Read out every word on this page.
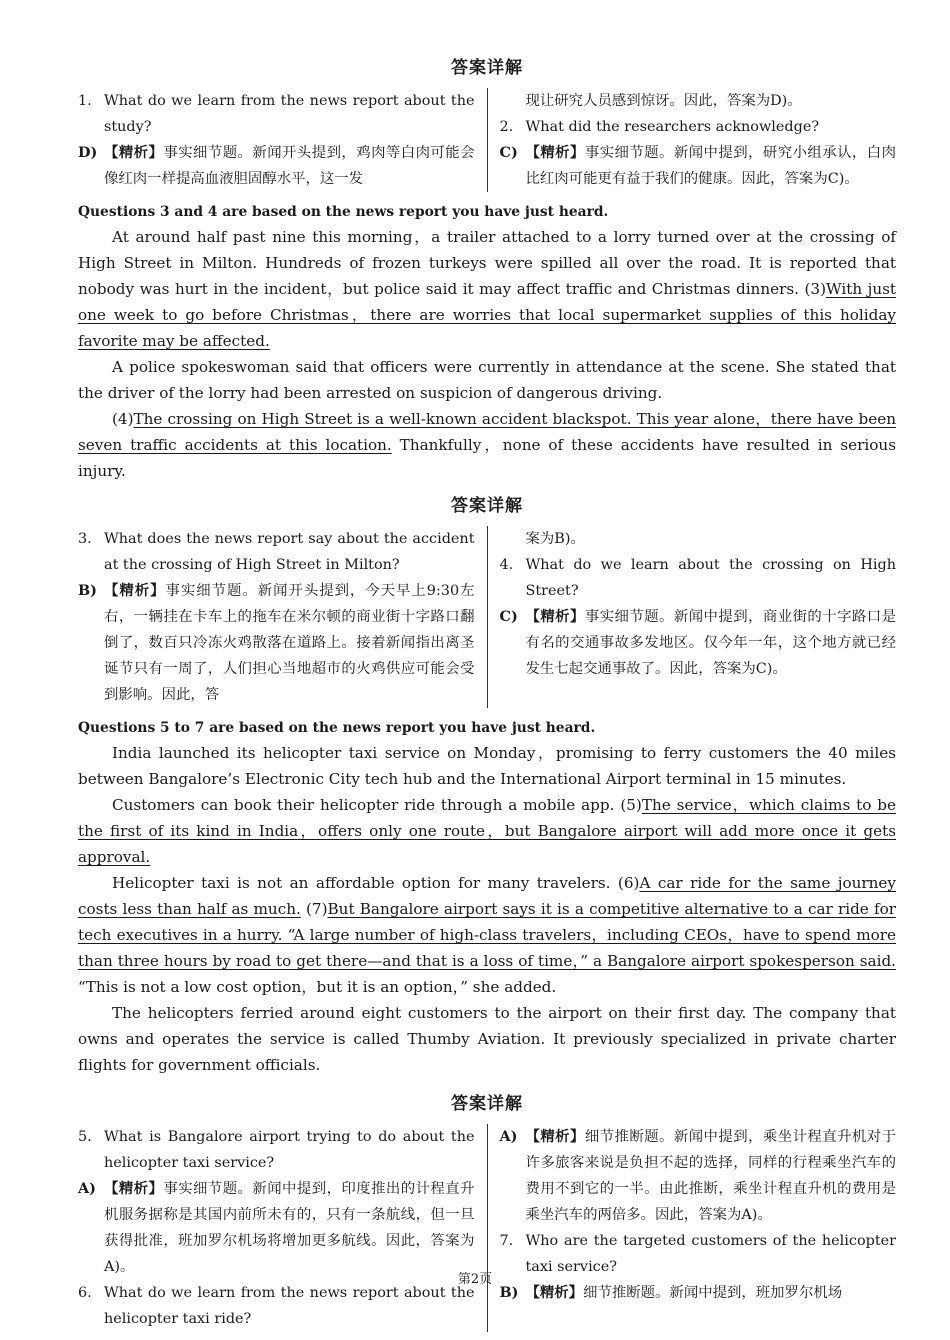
答案详解
1. What do we learn from the news report about the study?
D) 【精析】事实细节题。新闻开头提到，鸡肉等白肉可能会像红肉一样提高血液胆固醇水平，这一发
现让研究人员感到惊讶。因此，答案为D)。
2. What did the researchers acknowledge?
C) 【精析】事实细节题。新闻中提到，研究小组承认，白肉比红肉可能更有益于我们的健康。因此，答案为C)。
Questions 3 and 4 are based on the news report you have just heard.

At around half past nine this morning，a trailer attached to a lorry turned over at the crossing of High Street in Milton. Hundreds of frozen turkeys were spilled all over the road. It is reported that nobody was hurt in the incident，but police said it may affect traffic and Christmas dinners. (3)With just one week to go before Christmas，there are worries that local supermarket supplies of this holiday favorite may be affected.

A police spokeswoman said that officers were currently in attendance at the scene. She stated that the driver of the lorry had been arrested on suspicion of dangerous driving.

(4)The crossing on High Street is a well-known accident blackspot. This year alone，there have been seven traffic accidents at this location. Thankfully，none of these accidents have resulted in serious injury.

答案详解
3. What does the news report say about the accident at the crossing of High Street in Milton?
B) 【精析】事实细节题。新闻开头提到，今天早上9:30左右，一辆挂在卡车上的拖车在米尔顿的商业街十字路口翻倒了，数百只冷冻火鸡散落在道路上。接着新闻指出离圣诞节只有一周了，人们担心当地超市的火鸡供应可能会受到影响。因此，答
案为B)。
4. What do we learn about the crossing on High Street?
C) 【精析】事实细节题。新闻中提到，商业街的十字路口是有名的交通事故多发地区。仅今年一年，这个地方就已经发生七起交通事故了。因此，答案为C)。
Questions 5 to 7 are based on the news report you have just heard.

India launched its helicopter taxi service on Monday，promising to ferry customers the 40 miles between Bangalore’s Electronic City tech hub and the International Airport terminal in 15 minutes.

Customers can book their helicopter ride through a mobile app. (5)The service，which claims to be the first of its kind in India，offers only one route，but Bangalore airport will add more once it gets approval.

Helicopter taxi is not an affordable option for many travelers. (6)A car ride for the same journey costs less than half as much. (7)But Bangalore airport says it is a competitive alternative to a car ride for tech executives in a hurry. “A large number of high-class travelers，including CEOs，have to spend more than three hours by road to get there—and that is a loss of time，” a Bangalore airport spokesperson said. “This is not a low cost option，but it is an option，” she added.

The helicopters ferried around eight customers to the airport on their first day. The company that owns and operates the service is called Thumby Aviation. It previously specialized in private charter flights for government officials.

答案详解
5. What is Bangalore airport trying to do about the helicopter taxi service?
A) 【精析】事实细节题。新闻中提到，印度推出的计程直升机服务据称是其国内前所未有的，只有一条航线，但一旦获得批准，班加罗尔机场将增加更多航线。因此，答案为A)。
6. What do we learn from the news report about the helicopter taxi ride?
A) 【精析】细节推断题。新闻中提到，乘坐计程直升机对于许多旅客来说是负担不起的选择，同样的行程乘坐汽车的费用不到它的一半。由此推断，乘坐计程直升机的费用是乘坐汽车的两倍多。因此，答案为A)。
7. Who are the targeted customers of the helicopter taxi service?
B) 【精析】细节推断题。新闻中提到，班加罗尔机场
第2页
